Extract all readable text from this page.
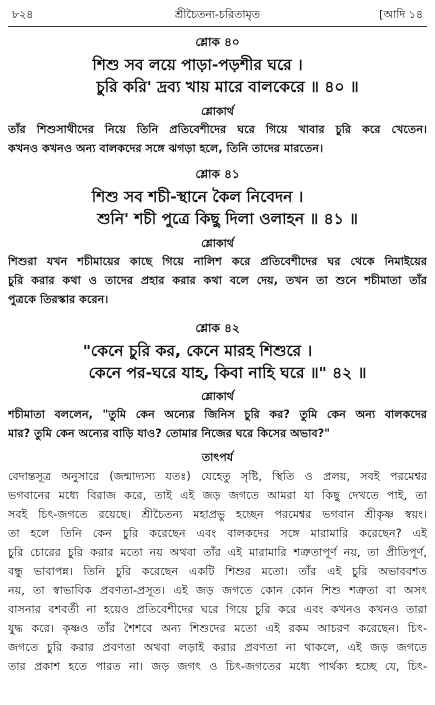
৮২৪	শ্রীচৈতন্য-চরিতামৃত	[আদি ১৪
শ্লোক ৪০
শিশু সব লয়ে পাড়া-পড়শীর ঘরে ।
চুরি করি' দ্রব্য খায় মারে বালকেরে ॥ ৪০ ॥
শ্লোকার্থ
তাঁর শিশুসাথীদের নিয়ে তিনি প্রতিবেশীদের ঘরে গিয়ে খাবার চুরি করে খেতেন।
কখনও কখনও অন্য বালকদের সঙ্গে ঝগড়া হলে, তিনি তাদের মারতেন।
শ্লোক ৪১
শিশু সব শচী-স্থানে কৈল নিবেদন ।
শুনি' শচী পুত্রে কিছু দিলা ওলাহন ॥ ৪১ ॥
শ্লোকার্থ
শিশুরা যখন শচীমায়ের কাছে গিয়ে নালিশ করে প্রতিবেশীদের ঘর থেকে নিমাইয়ের
চুরি করার কথা ও তাদের প্রহার করার কথা বলে দেয়, তখন তা শুনে শচীমাতা তাঁর
পুত্রকে তিরস্কার করেন।
শ্লোক ৪২
"কেনে চুরি কর, কেনে মারহ শিশুরে ।
কেনে পর-ঘরে যাহ, কিবা নাহি ঘরে ॥" ৪২ ॥
শ্লোকার্থ
শচীমাতা বললেন, "তুমি কেন অন্যের জিনিস চুরি কর? তুমি কেন অন্য বালকদের
মার? তুমি কেন অন্যের বাড়ি যাও? তোমার নিজের ঘরে কিসের অভাব?"
তাৎপর্য
বেদান্তসূত্র অনুসারে (জন্মাদ্যস্য যতঃ) যেহেতু সৃষ্টি, স্থিতি ও প্রলয়, সবই পরমেশ্বর
ভগবানের মধ্যে বিরাজ করে, তাই এই জড় জগতে আমরা যা কিছু দেখতে পাই, তা
সবই চিৎ-জগতে রয়েছে। শ্রীচৈতন্য মহাপ্রভু হচ্ছেন পরমেশ্বর ভগবান শ্রীকৃষ্ণ স্বয়ং।
তা হলে তিনি কেন চুরি করেছেন এবং বালকদের সঙ্গে মারামারি করেছেন? এই
চুরি চোরের চুরি করার মতো নয় অথবা তাঁর এই মারামারি শত্রুতাপূর্ণ নয়, তা প্রীতিপূর্ণ,
বন্ধু ভাবাপন্ন। তিনি চুরি করেছেন একটি শিশুর মতো। তাঁর এই চুরি অভাববশত
নয়, তা স্বাভাবিক প্রবণতা-প্রসূত। এই জড় জগতে কোন কোন শিশু শত্রুতা বা অসৎ
বাসনার বশবর্তী না হয়েও প্রতিবেশীদের ঘরে গিয়ে চুরি করে এবং কখনও কখনও তারা
যুদ্ধ করে। কৃষ্ণও তাঁর শৈশবে অন্য শিশুদের মতো এই রকম আচরণ করেছেন। চিৎ-
জগতে চুরি করার প্রবণতা অথবা লড়াই করার প্রবণতা না থাকলে, এই জড় জগতে
তার প্রকাশ হতে পারত না। জড় জগৎ ও চিৎ-জগতের মধ্যে পার্থক্য হচ্ছে যে, চিৎ-
